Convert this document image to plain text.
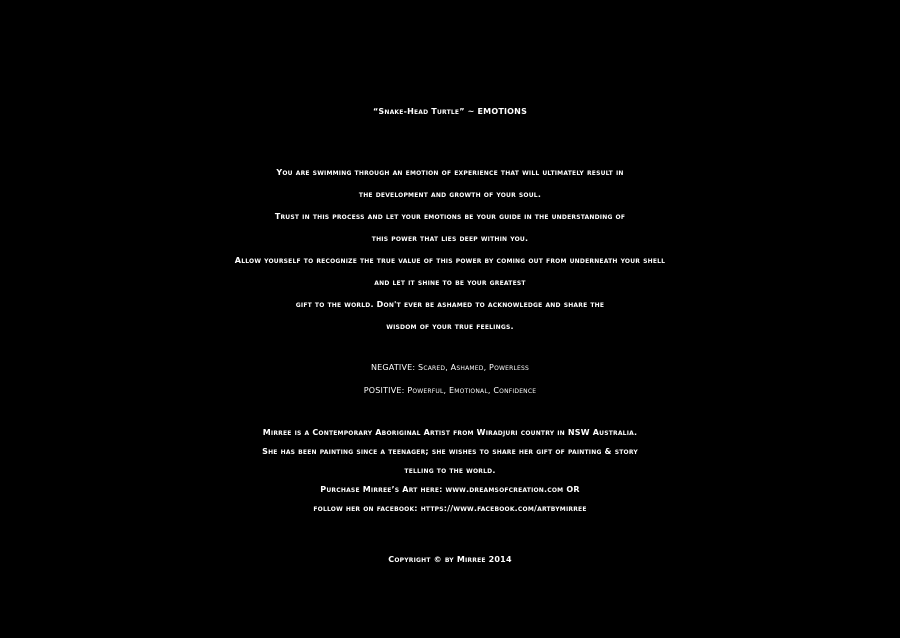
“Snake-Head Turtle” ~ EMOTIONS
You are swimming through an emotion of experience that will ultimately result in
the development and growth of your soul.
Trust in this process and let your emotions be your guide in the understanding of
this power that lies deep within you.
Allow yourself to recognize the true value of this power by coming out from underneath your shell
and let it shine to be your greatest
gift to the world. Don't ever be ashamed to acknowledge and share the
wisdom of your true feelings.
NEGATIVE: Scared, Ashamed, Powerless
POSITIVE: Powerful, Emotional, Confidence
Mirree is a Contemporary Aboriginal Artist from Wiradjuri country in NSW Australia.
She has been painting since a teenager; she wishes to share her gift of painting & story
telling to the world.
Purchase Mirree’s Art here: www.dreamsofcreation.com OR
follow her on facebook: https://www.facebook.com/artbymirree
Copyright © by Mirree 2014
